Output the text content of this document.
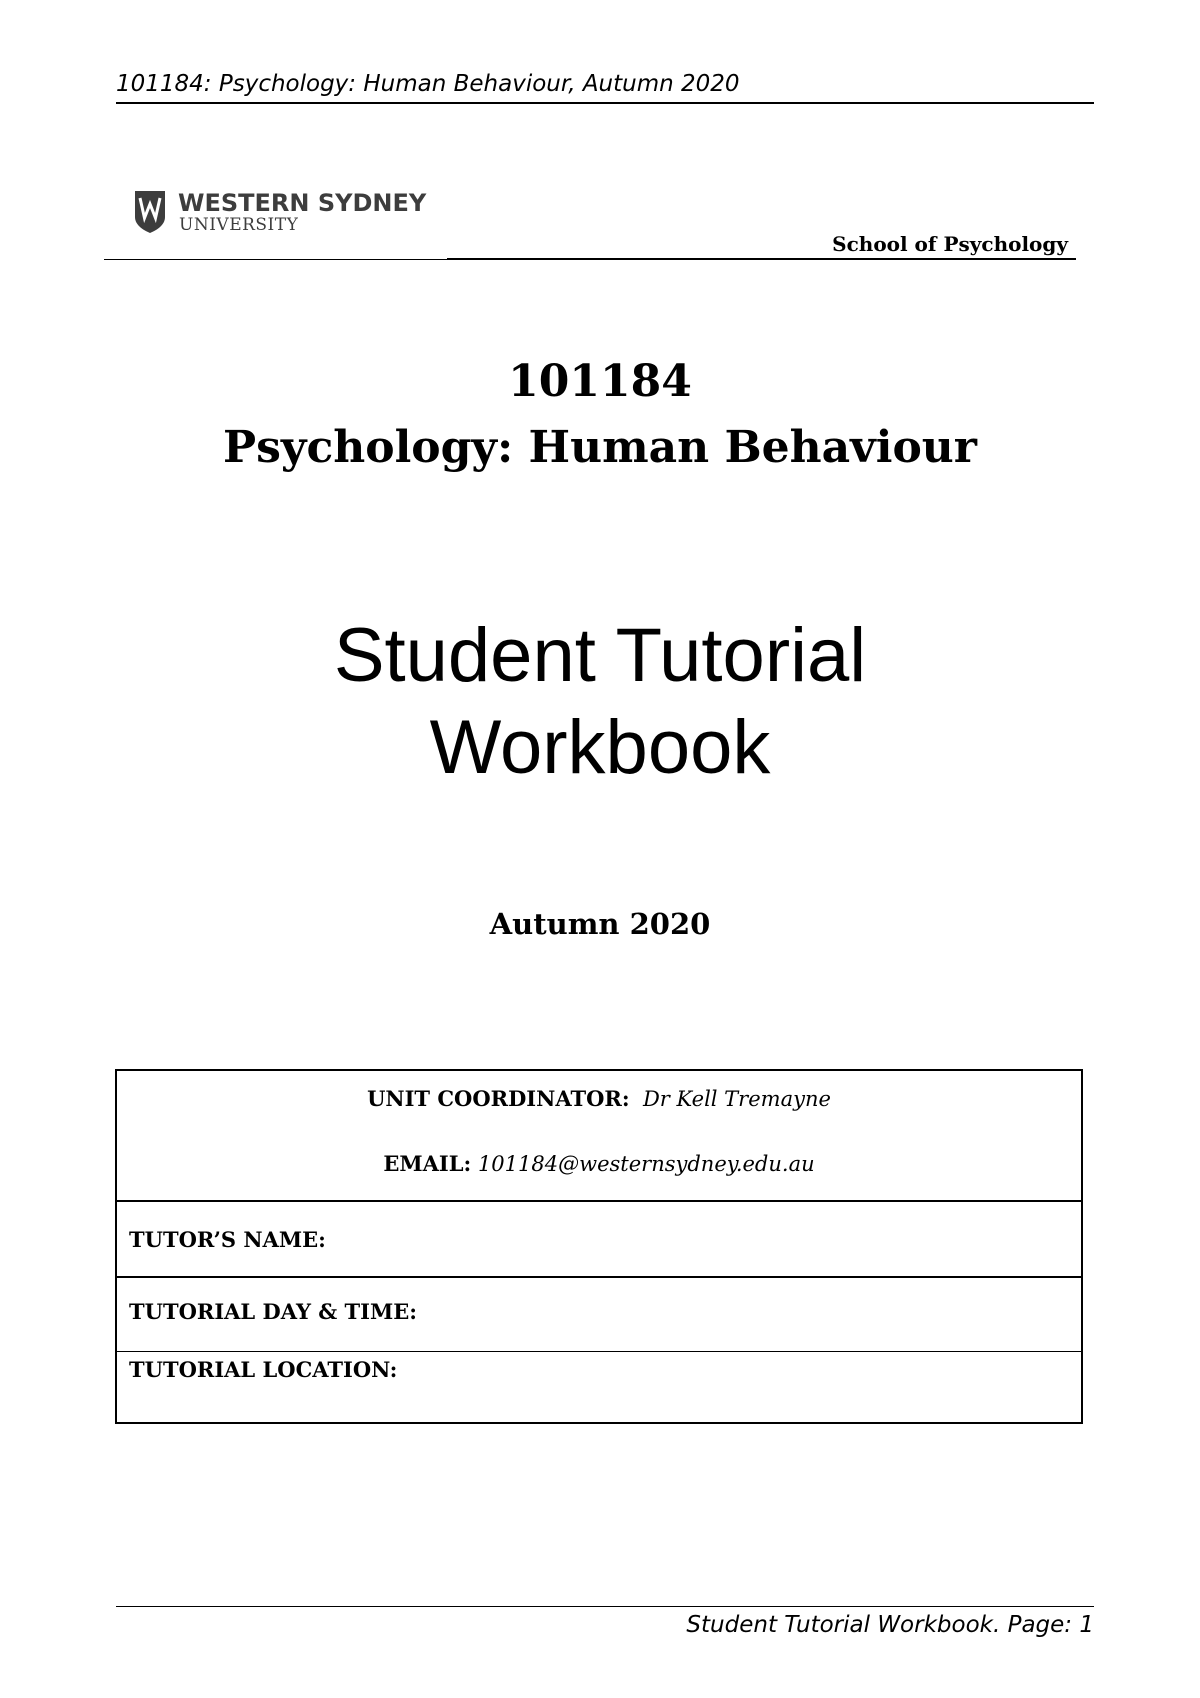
101184: Psychology: Human Behaviour, Autumn 2020
WESTERN SYDNEY
UNIVERSITY
School of Psychology
101184
Psychology: Human Behaviour
Student Tutorial
Workbook
Autumn 2020
UNIT COORDINATOR: Dr Kell Tremayne
EMAIL: 101184@westernsydney.edu.au
TUTOR’S NAME:
TUTORIAL DAY & TIME:
TUTORIAL LOCATION:
Student Tutorial Workbook. Page: 1
